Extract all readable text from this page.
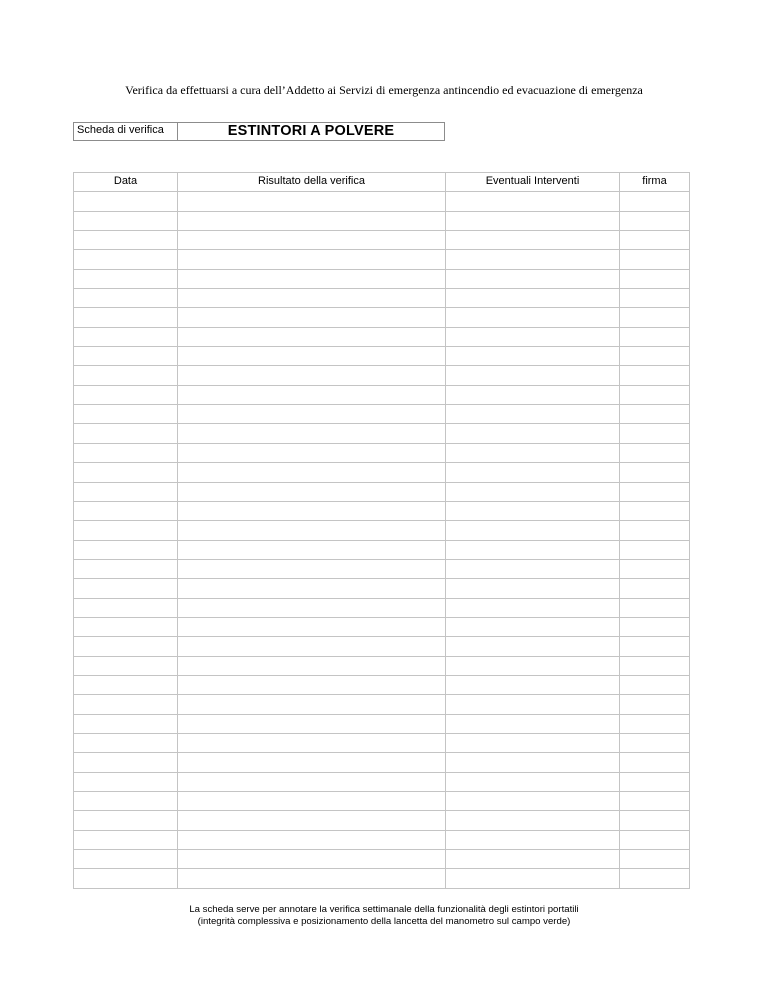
Verifica da effettuarsi a cura dell’Addetto ai Servizi di emergenza antincendio ed evacuazione di emergenza
Scheda di verifica	ESTINTORI A POLVERE
Data	Risultato della verifica	Eventuali Interventi	firma

La scheda serve per annotare la verifica settimanale della funzionalità degli estintori portatili
(integrità complessiva e posizionamento della lancetta del manometro sul campo verde)
